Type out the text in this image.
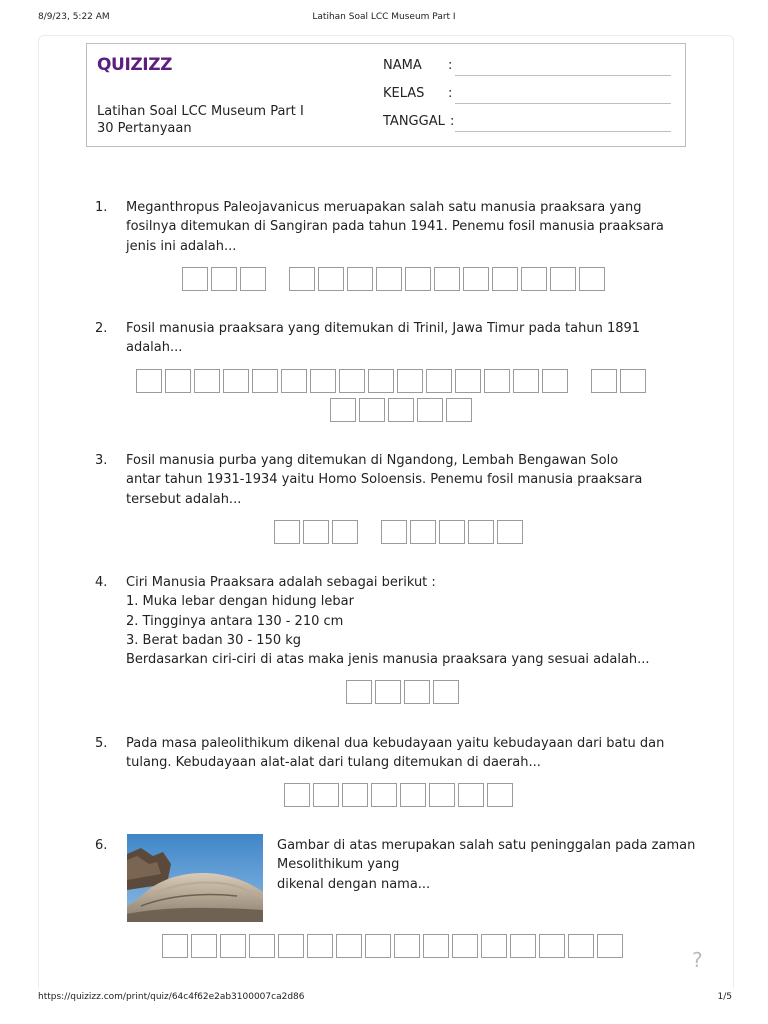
8/9/23, 5:22 AM	Latihan Soal LCC Museum Part I
QUIZIZZ
Latihan Soal LCC Museum Part I
30 Pertanyaan
NAMA :
KELAS :
TANGGAL :
1. Meganthropus Paleojavanicus meruapakan salah satu manusia praaksara yang
fosilnya ditemukan di Sangiran pada tahun 1941. Penemu fosil manusia praaksara
jenis ini adalah...
2. Fosil manusia praaksara yang ditemukan di Trinil, Jawa Timur pada tahun 1891
adalah...
3. Fosil manusia purba yang ditemukan di Ngandong, Lembah Bengawan Solo
antar tahun 1931-1934 yaitu Homo Soloensis. Penemu fosil manusia praaksara
tersebut adalah...
4. Ciri Manusia Praaksara adalah sebagai berikut :
1. Muka lebar dengan hidung lebar
2. Tingginya antara 130 - 210 cm
3. Berat badan 30 - 150 kg
Berdasarkan ciri-ciri di atas maka jenis manusia praaksara yang sesuai adalah...
5. Pada masa paleolithikum dikenal dua kebudayaan yaitu kebudayaan dari batu dan
tulang. Kebudayaan alat-alat dari tulang ditemukan di daerah...
6.	Gambar di atas merupakan salah satu peninggalan pada zaman
Mesolithikum yang
dikenal dengan nama...
?
https://quizizz.com/print/quiz/64c4f62e2ab3100007ca2d86	1/5
